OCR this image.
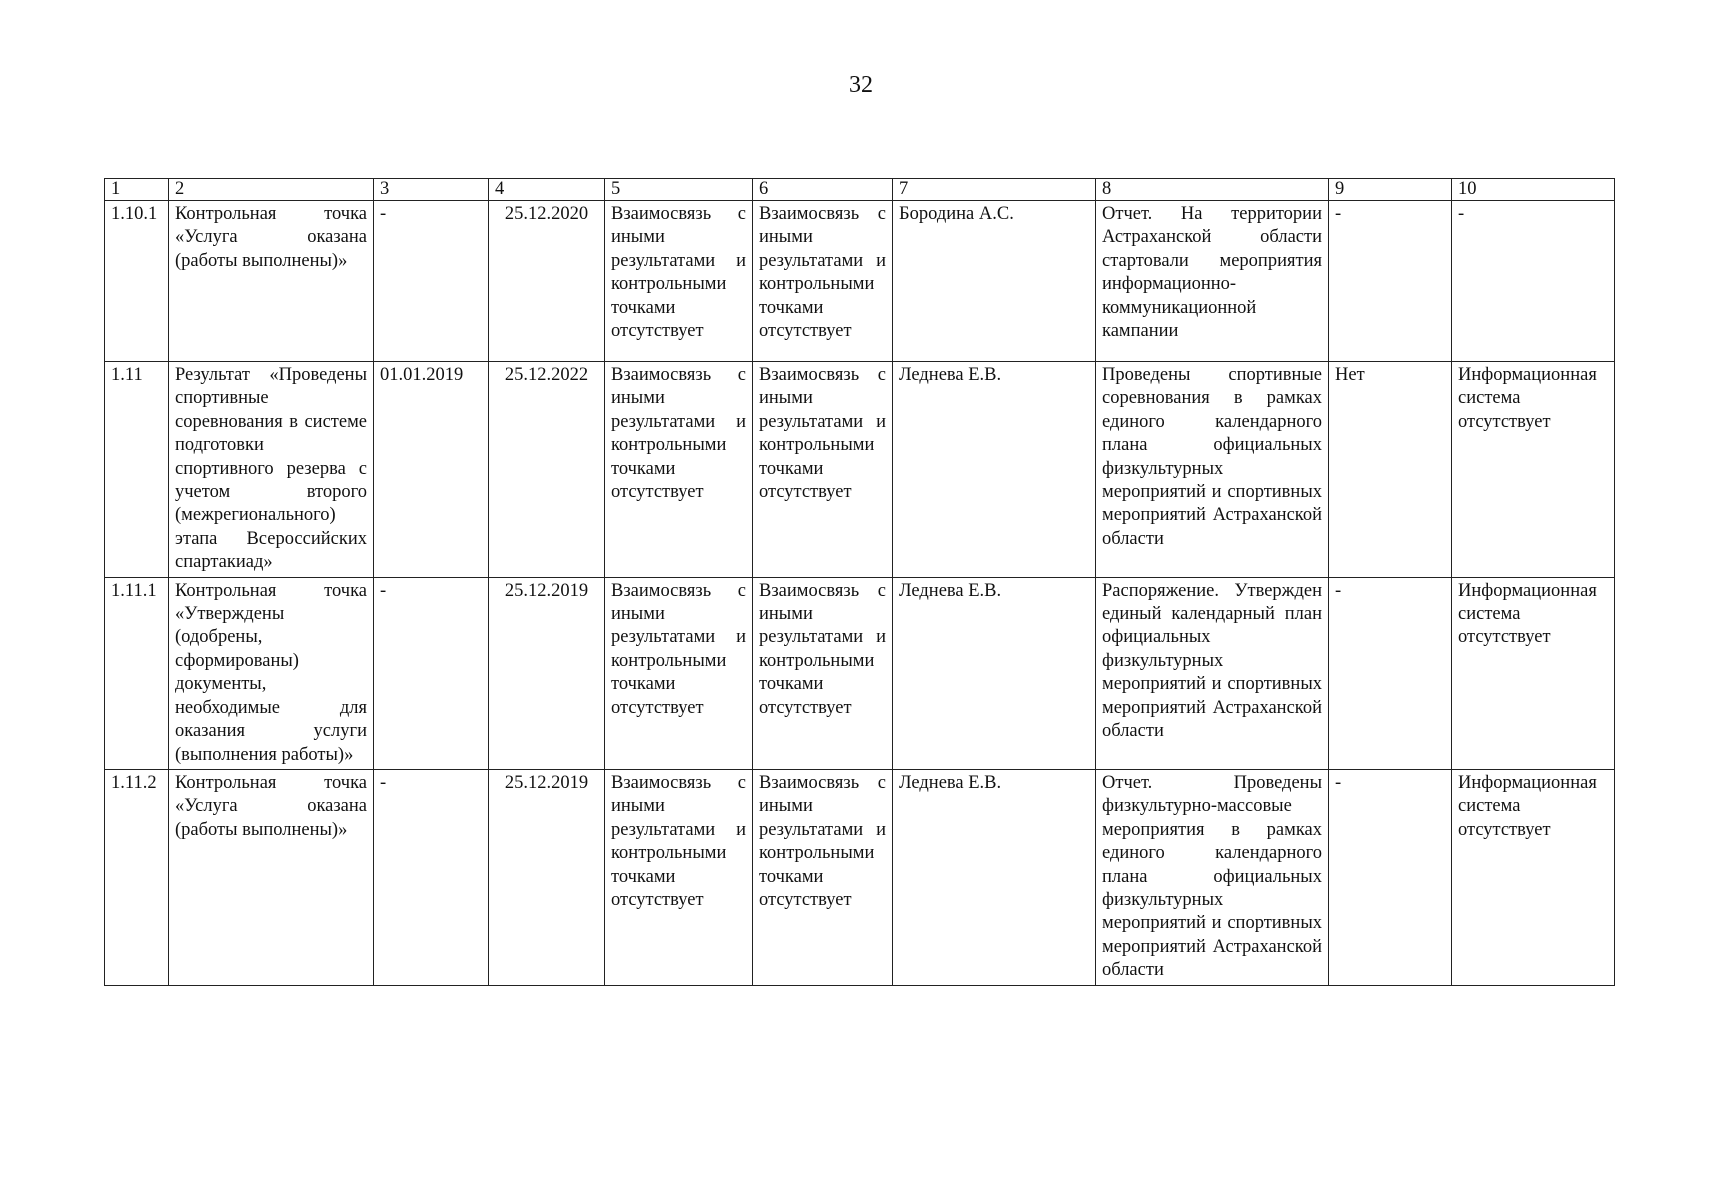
32
1	2	3	4	5	6	7	8	9	10
1.10.1	Контрольная точка «Услуга оказана (работы выполнены)»	-	25.12.2020	Взаимосвязь с иными результатами и контрольными точками отсутствует	Взаимосвязь с иными результатами и контрольными точками отсутствует	Бородина А.С.	Отчет. На территории Астраханской области стартовали мероприятия информационно-коммуникационной кампании	-	-
1.11	Результат «Проведены спортивные соревнования в системе подготовки спортивного резерва с учетом второго (межрегионального) этапа Всероссийских спартакиад»	01.01.2019	25.12.2022	Взаимосвязь с иными результатами и контрольными точками отсутствует	Взаимосвязь с иными результатами и контрольными точками отсутствует	Леднева Е.В.	Проведены спортивные соревнования в рамках единого календарного плана официальных физкультурных мероприятий и спортивных мероприятий Астраханской области	Нет	Информационная система отсутствует
1.11.1	Контрольная точка «Утверждены (одобрены, сформированы) документы, необходимые для оказания услуги (выполнения работы)»	-	25.12.2019	Взаимосвязь с иными результатами и контрольными точками отсутствует	Взаимосвязь с иными результатами и контрольными точками отсутствует	Леднева Е.В.	Распоряжение. Утвержден единый календарный план официальных физкультурных мероприятий и спортивных мероприятий Астраханской области	-	Информационная система отсутствует
1.11.2	Контрольная точка «Услуга оказана (работы выполнены)»	-	25.12.2019	Взаимосвязь с иными результатами и контрольными точками отсутствует	Взаимосвязь с иными результатами и контрольными точками отсутствует	Леднева Е.В.	Отчет. Проведены физкультурно-массовые мероприятия в рамках единого календарного плана официальных физкультурных мероприятий и спортивных мероприятий Астраханской области	-	Информационная система отсутствует
